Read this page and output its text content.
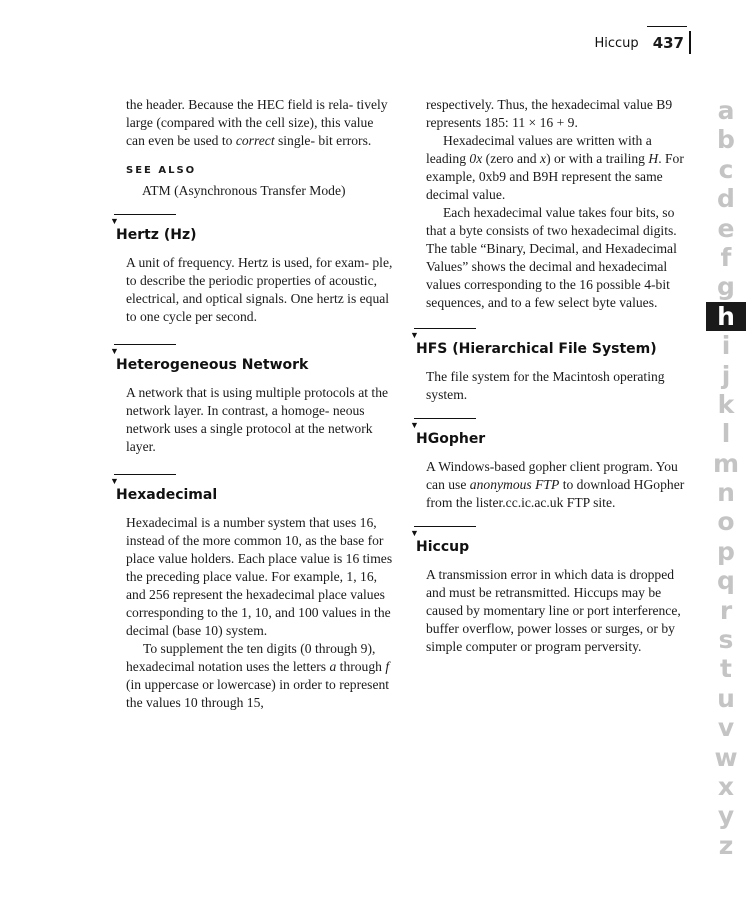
Hiccup 437

the header. Because the HEC field is rela- tively large (compared with the cell size), this value can even be used to correct single- bit errors.

SEE ALSO
ATM (Asynchronous Transfer Mode)
▼
Hertz (Hz)

A unit of frequency. Hertz is used, for exam- ple, to describe the periodic properties of acoustic, electrical, and optical signals. One hertz is equal to one cycle per second.

▼
Heterogeneous Network

A network that is using multiple protocols at the network layer. In contrast, a homoge- neous network uses a single protocol at the network layer.

▼
Hexadecimal

Hexadecimal is a number system that uses 16, instead of the more common 10, as the base for place value holders. Each place value is 16 times the preceding place value. For example, 1, 16, and 256 represent the hexadecimal place values corresponding to the 1, 10, and 100 values in the decimal (base 10) system.

To supplement the ten digits (0 through 9), hexadecimal notation uses the letters a through f (in uppercase or lowercase) in order to represent the values 10 through 15,

respectively. Thus, the hexadecimal value B9 represents 185: 11 × 16 + 9.

Hexadecimal values are written with a leading 0x (zero and x) or with a trailing H. For example, 0xb9 and B9H represent the same decimal value.

Each hexadecimal value takes four bits, so that a byte consists of two hexadecimal digits. The table “Binary, Decimal, and Hexadecimal Values” shows the decimal and hexadecimal values corresponding to the 16 possible 4-bit sequences, and to a few select byte values.

▼
HFS (Hierarchical File System)

The file system for the Macintosh operating system.

▼
HGopher

A Windows-based gopher client program. You can use anonymous FTP to download HGopher from the lister.cc.ic.ac.uk FTP site.

▼
Hiccup

A transmission error in which data is dropped and must be retransmitted. Hiccups may be caused by momentary line or port interference, buffer overflow, power losses or surges, or by simple computer or program perversity.

a
b
c
d
e
f
g
h
i
j
k
l
m
n
o
p
q
r
s
t
u
v
w
x
y
z
